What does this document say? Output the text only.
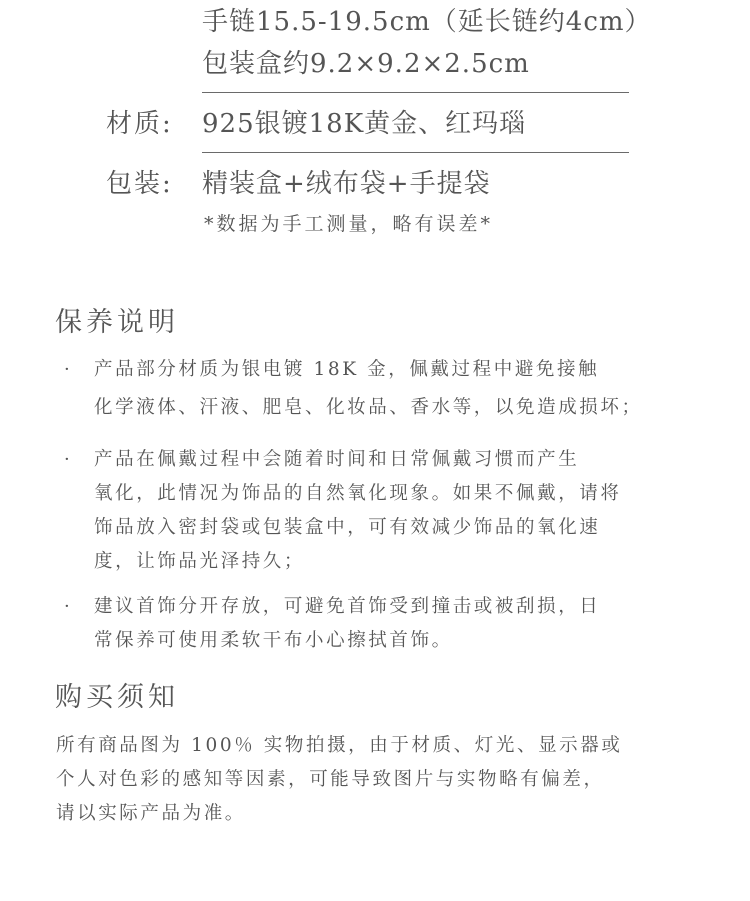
手链15.5-19.5cm（延长链约4cm）
包装盒约9.2×9.2×2.5cm
材质: 925银镀18K黄金、红玛瑙
包装: 精装盒+绒布袋+手提袋
*数据为手工测量，略有误差*
保养说明
· 产品部分材质为银电镀 18K 金，佩戴过程中避免接触
化学液体、汗液、肥皂、化妆品、香水等，以免造成损坏；
· 产品在佩戴过程中会随着时间和日常佩戴习惯而产生
氧化，此情况为饰品的自然氧化现象。如果不佩戴，请将
饰品放入密封袋或包装盒中，可有效减少饰品的氧化速
度，让饰品光泽持久；
· 建议首饰分开存放，可避免首饰受到撞击或被刮损，日
常保养可使用柔软干布小心擦拭首饰。
购买须知
所有商品图为 100％ 实物拍摄，由于材质、灯光、显示器或
个人对色彩的感知等因素，可能导致图片与实物略有偏差，
请以实际产品为准。
